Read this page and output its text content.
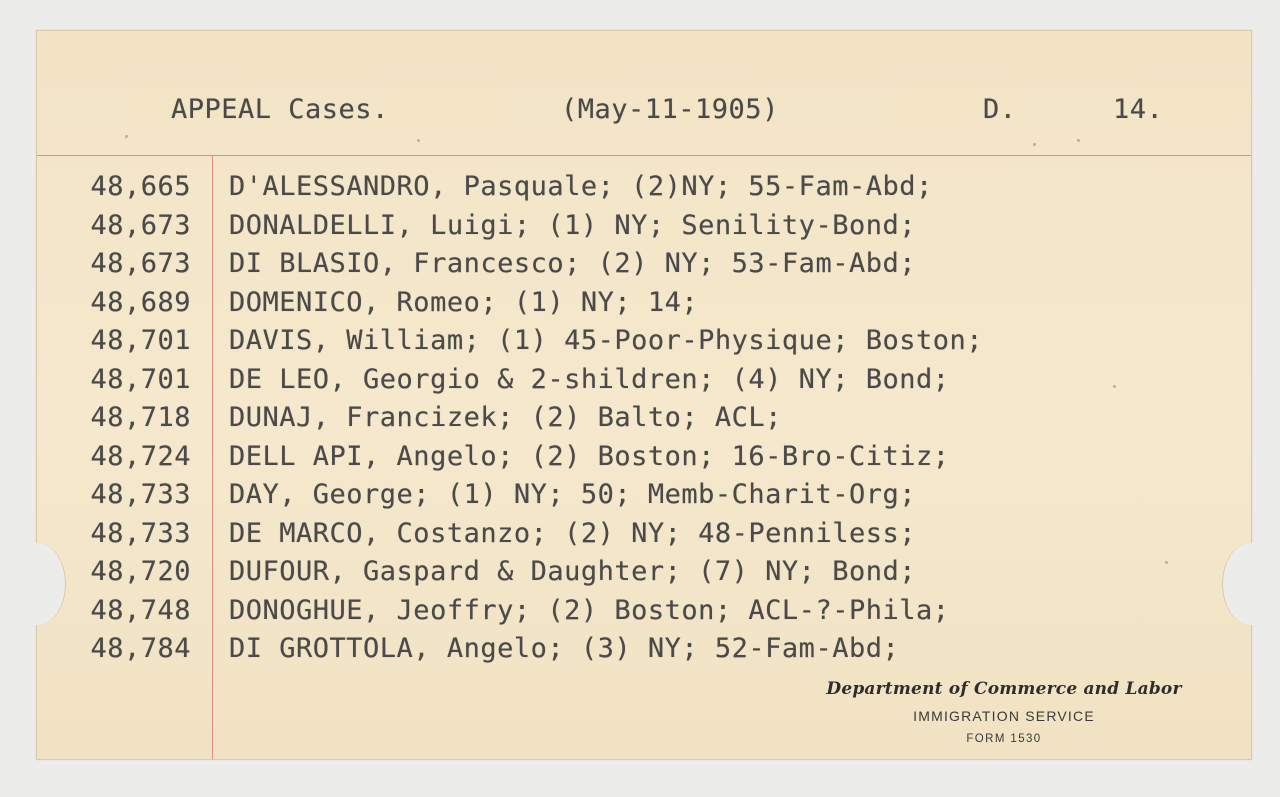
APPEAL Cases.	(May-11-1905)	D.	14.
48,665 D'ALESSANDRO, Pasquale; (2)NY; 55-Fam-Abd;
48,673 DONALDELLI, Luigi; (1) NY; Senility-Bond;
48,673 DI BLASIO, Francesco; (2) NY; 53-Fam-Abd;
48,689 DOMENICO, Romeo; (1) NY; 14;
48,701 DAVIS, William; (1) 45-Poor-Physique; Boston;
48,701 DE LEO, Georgio & 2-shildren; (4) NY; Bond;
48,718 DUNAJ, Francizek; (2) Balto; ACL;
48,724 DELL API, Angelo; (2) Boston; 16-Bro-Citiz;
48,733 DAY, George; (1) NY; 50; Memb-Charit-Org;
48,733 DE MARCO, Costanzo; (2) NY; 48-Penniless;
48,720 DUFOUR, Gaspard & Daughter; (7) NY; Bond;
48,748 DONOGHUE, Jeoffry; (2) Boston; ACL-?-Phila;
48,784 DI GROTTOLA, Angelo; (3) NY; 52-Fam-Abd;
Department of Commerce and Labor
IMMIGRATION SERVICE
FORM 1530
